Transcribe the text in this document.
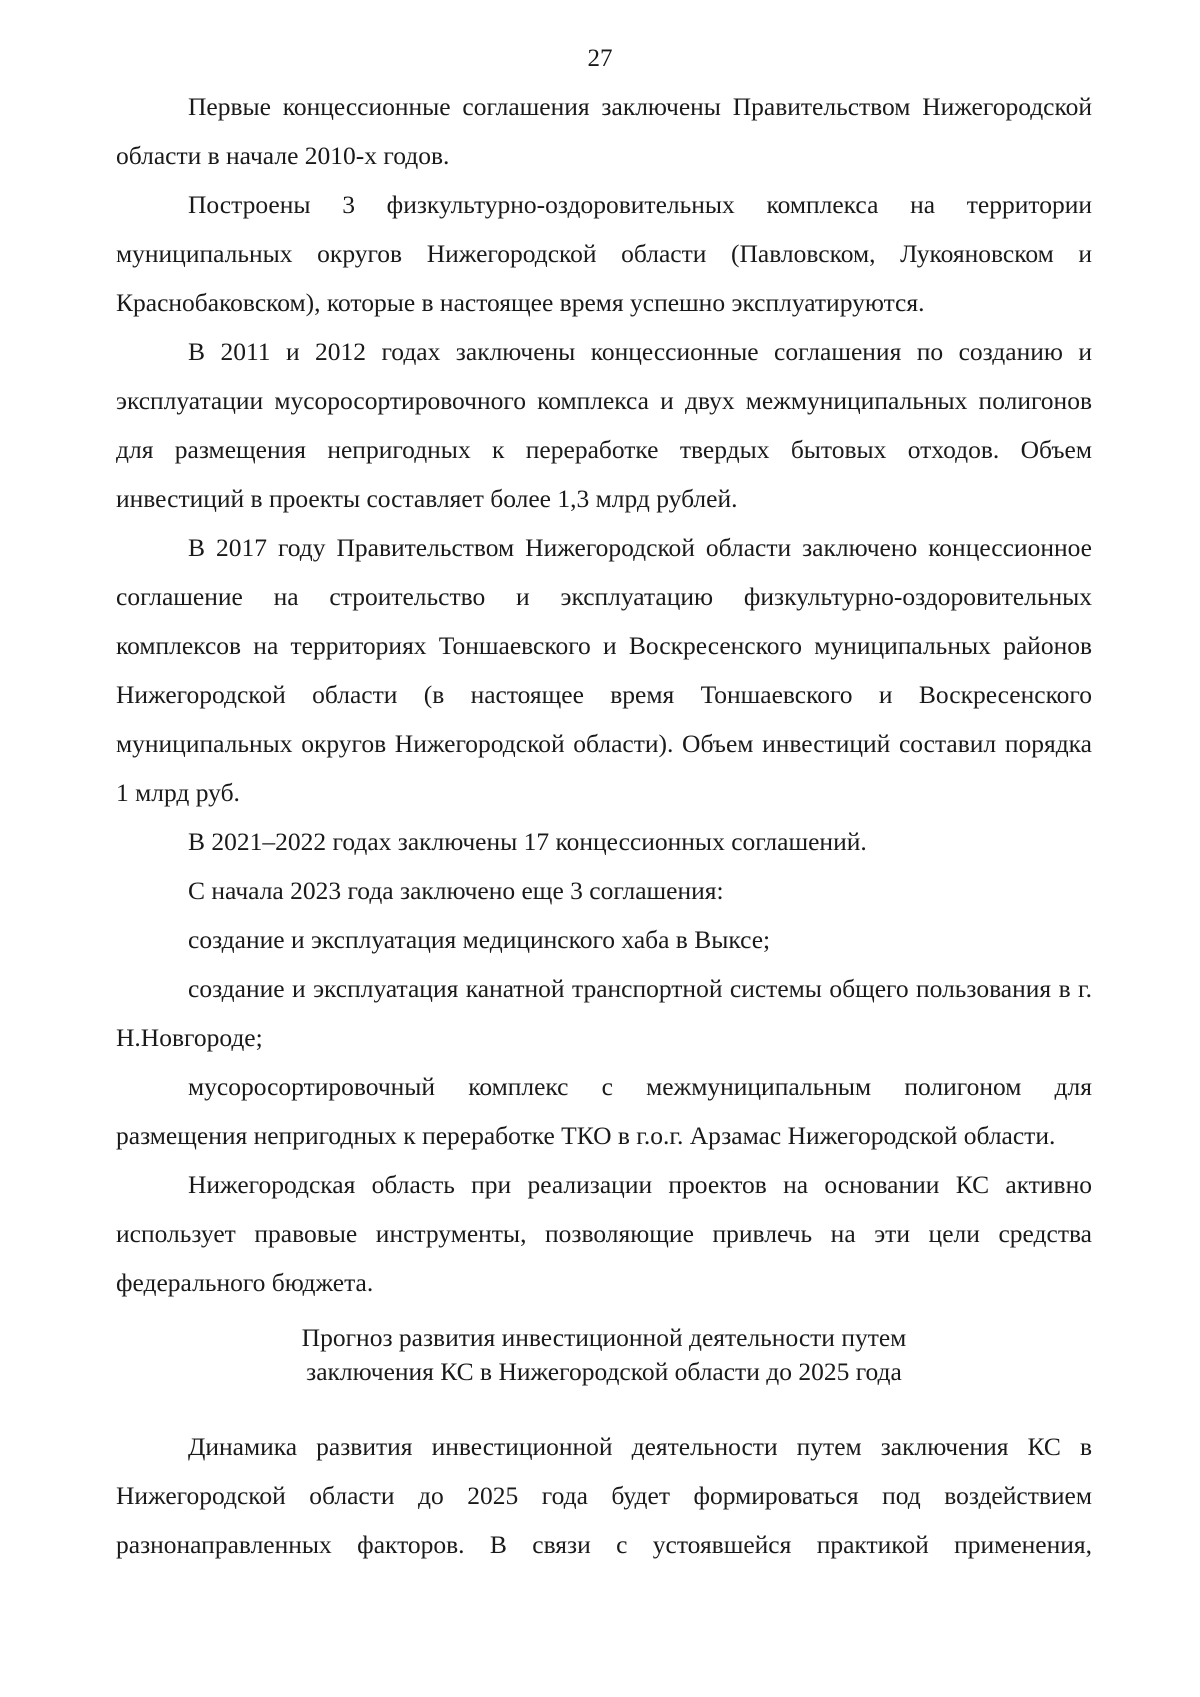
27

Первые концессионные соглашения заключены Правительством Нижегородской области в начале 2010-х годов.

Построены 3 физкультурно-оздоровительных комплекса на территории муниципальных округов Нижегородской области (Павловском, Лукояновском и Краснобаковском), которые в настоящее время успешно эксплуатируются.

В 2011 и 2012 годах заключены концессионные соглашения по созданию и эксплуатации мусоросортировочного комплекса и двух межмуниципальных полигонов для размещения непригодных к переработке твердых бытовых отходов. Объем инвестиций в проекты составляет более 1,3 млрд рублей.

В 2017 году Правительством Нижегородской области заключено концессионное соглашение на строительство и эксплуатацию физкультурно-оздоровительных комплексов на территориях Тоншаевского и Воскресенского муниципальных районов Нижегородской области (в настоящее время Тоншаевского и Воскресенского муниципальных округов Нижегородской области). Объем инвестиций составил порядка 1 млрд руб.

В 2021–2022 годах заключены 17 концессионных соглашений.

С начала 2023 года заключено еще 3 соглашения:

создание и эксплуатация медицинского хаба в Выксе;

создание и эксплуатация канатной транспортной системы общего пользования в г. Н.Новгороде;

мусоросортировочный комплекс с межмуниципальным полигоном для размещения непригодных к переработке ТКО в г.о.г. Арзамас Нижегородской области.

Нижегородская область при реализации проектов на основании КС активно использует правовые инструменты, позволяющие привлечь на эти цели средства федерального бюджета.

Прогноз развития инвестиционной деятельности путем
заключения КС в Нижегородской области до 2025 года

Динамика развития инвестиционной деятельности путем заключения КС в Нижегородской области до 2025 года будет формироваться под воздействием разнонаправленных факторов. В связи с устоявшейся практикой применения,
